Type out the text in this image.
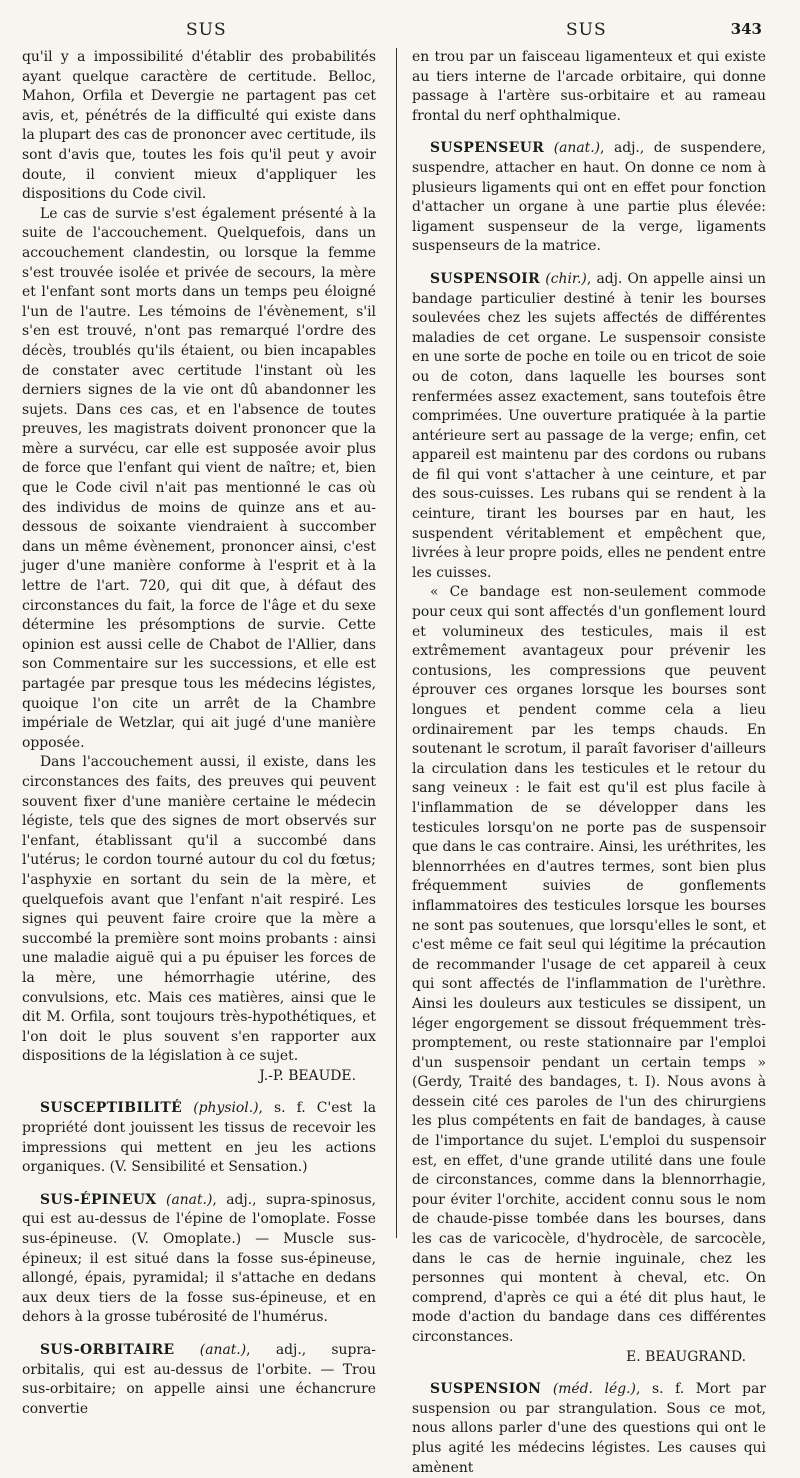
SUS	SUS	343

qu'il y a impossibilité d'établir des probabilités ayant quelque caractère de certitude. Belloc, Mahon, Orfila et Devergie ne partagent pas cet avis, et, pénétrés de la difficulté qui existe dans la plupart des cas de prononcer avec certitude, ils sont d'avis que, toutes les fois qu'il peut y avoir doute, il convient mieux d'appliquer les dispositions du Code civil.

Le cas de survie s'est également présenté à la suite de l'accouchement. Quelquefois, dans un accouchement clandestin, ou lorsque la femme s'est trouvée isolée et privée de secours, la mère et l'enfant sont morts dans un temps peu éloigné l'un de l'autre. Les témoins de l'évènement, s'il s'en est trouvé, n'ont pas remarqué l'ordre des décès, troublés qu'ils étaient, ou bien incapables de constater avec certitude l'instant où les derniers signes de la vie ont dû abandonner les sujets. Dans ces cas, et en l'absence de toutes preuves, les magistrats doivent prononcer que la mère a survécu, car elle est supposée avoir plus de force que l'enfant qui vient de naître; et, bien que le Code civil n'ait pas mentionné le cas où des individus de moins de quinze ans et au-dessous de soixante viendraient à succomber dans un même évènement, prononcer ainsi, c'est juger d'une manière conforme à l'esprit et à la lettre de l'art. 720, qui dit que, à défaut des circonstances du fait, la force de l'âge et du sexe détermine les présomptions de survie. Cette opinion est aussi celle de Chabot de l'Allier, dans son Commentaire sur les successions, et elle est partagée par presque tous les médecins légistes, quoique l'on cite un arrêt de la Chambre impériale de Wetzlar, qui ait jugé d'une manière opposée.

Dans l'accouchement aussi, il existe, dans les circonstances des faits, des preuves qui peuvent souvent fixer d'une manière certaine le médecin légiste, tels que des signes de mort observés sur l'enfant, établissant qu'il a succombé dans l'utérus; le cordon tourné autour du col du fœtus; l'asphyxie en sortant du sein de la mère, et quelquefois avant que l'enfant n'ait respiré. Les signes qui peuvent faire croire que la mère a succombé la première sont moins probants : ainsi une maladie aiguë qui a pu épuiser les forces de la mère, une hémorrhagie utérine, des convulsions, etc. Mais ces matières, ainsi que le dit M. Orfila, sont toujours très-hypothétiques, et l'on doit le plus souvent s'en rapporter aux dispositions de la législation à ce sujet.

J.-P. BEAUDE.

SUSCEPTIBILITÉ (physiol.), s. f. C'est la propriété dont jouissent les tissus de recevoir les impressions qui mettent en jeu les actions organiques. (V. Sensibilité et Sensation.)

SUS-ÉPINEUX (anat.), adj., supra-spinosus, qui est au-dessus de l'épine de l'omoplate. Fosse sus-épineuse. (V. Omoplate.) — Muscle sus-épineux; il est situé dans la fosse sus-épineuse, allongé, épais, pyramidal; il s'attache en dedans aux deux tiers de la fosse sus-épineuse, et en dehors à la grosse tubérosité de l'humérus.

SUS-ORBITAIRE (anat.), adj., supra-orbitalis, qui est au-dessus de l'orbite. — Trou sus-orbitaire; on appelle ainsi une échancrure convertie

en trou par un faisceau ligamenteux et qui existe au tiers interne de l'arcade orbitaire, qui donne passage à l'artère sus-orbitaire et au rameau frontal du nerf ophthalmique.

SUSPENSEUR (anat.), adj., de suspendere, suspendre, attacher en haut. On donne ce nom à plusieurs ligaments qui ont en effet pour fonction d'attacher un organe à une partie plus élevée: ligament suspenseur de la verge, ligaments suspenseurs de la matrice.

SUSPENSOIR (chir.), adj. On appelle ainsi un bandage particulier destiné à tenir les bourses soulevées chez les sujets affectés de différentes maladies de cet organe. Le suspensoir consiste en une sorte de poche en toile ou en tricot de soie ou de coton, dans laquelle les bourses sont renfermées assez exactement, sans toutefois être comprimées. Une ouverture pratiquée à la partie antérieure sert au passage de la verge; enfin, cet appareil est maintenu par des cordons ou rubans de fil qui vont s'attacher à une ceinture, et par des sous-cuisses. Les rubans qui se rendent à la ceinture, tirant les bourses par en haut, les suspendent véritablement et empêchent que, livrées à leur propre poids, elles ne pendent entre les cuisses.

« Ce bandage est non-seulement commode pour ceux qui sont affectés d'un gonflement lourd et volumineux des testicules, mais il est extrêmement avantageux pour prévenir les contusions, les compressions que peuvent éprouver ces organes lorsque les bourses sont longues et pendent comme cela a lieu ordinairement par les temps chauds. En soutenant le scrotum, il paraît favoriser d'ailleurs la circulation dans les testicules et le retour du sang veineux : le fait est qu'il est plus facile à l'inflammation de se développer dans les testicules lorsqu'on ne porte pas de suspensoir que dans le cas contraire. Ainsi, les uréthrites, les blennorrhées en d'autres termes, sont bien plus fréquemment suivies de gonflements inflammatoires des testicules lorsque les bourses ne sont pas soutenues, que lorsqu'elles le sont, et c'est même ce fait seul qui légitime la précaution de recommander l'usage de cet appareil à ceux qui sont affectés de l'inflammation de l'urèthre. Ainsi les douleurs aux testicules se dissipent, un léger engorgement se dissout fréquemment très-promptement, ou reste stationnaire par l'emploi d'un suspensoir pendant un certain temps » (Gerdy, Traité des bandages, t. I). Nous avons à dessein cité ces paroles de l'un des chirurgiens les plus compétents en fait de bandages, à cause de l'importance du sujet. L'emploi du suspensoir est, en effet, d'une grande utilité dans une foule de circonstances, comme dans la blennorrhagie, pour éviter l'orchite, accident connu sous le nom de chaude-pisse tombée dans les bourses, dans les cas de varicocèle, d'hydrocèle, de sarcocèle, dans le cas de hernie inguinale, chez les personnes qui montent à cheval, etc. On comprend, d'après ce qui a été dit plus haut, le mode d'action du bandage dans ces différentes circonstances.

E. BEAUGRAND.

SUSPENSION (méd. lég.), s. f. Mort par suspension ou par strangulation. Sous ce mot, nous allons parler d'une des questions qui ont le plus agité les médecins légistes. Les causes qui amènent
